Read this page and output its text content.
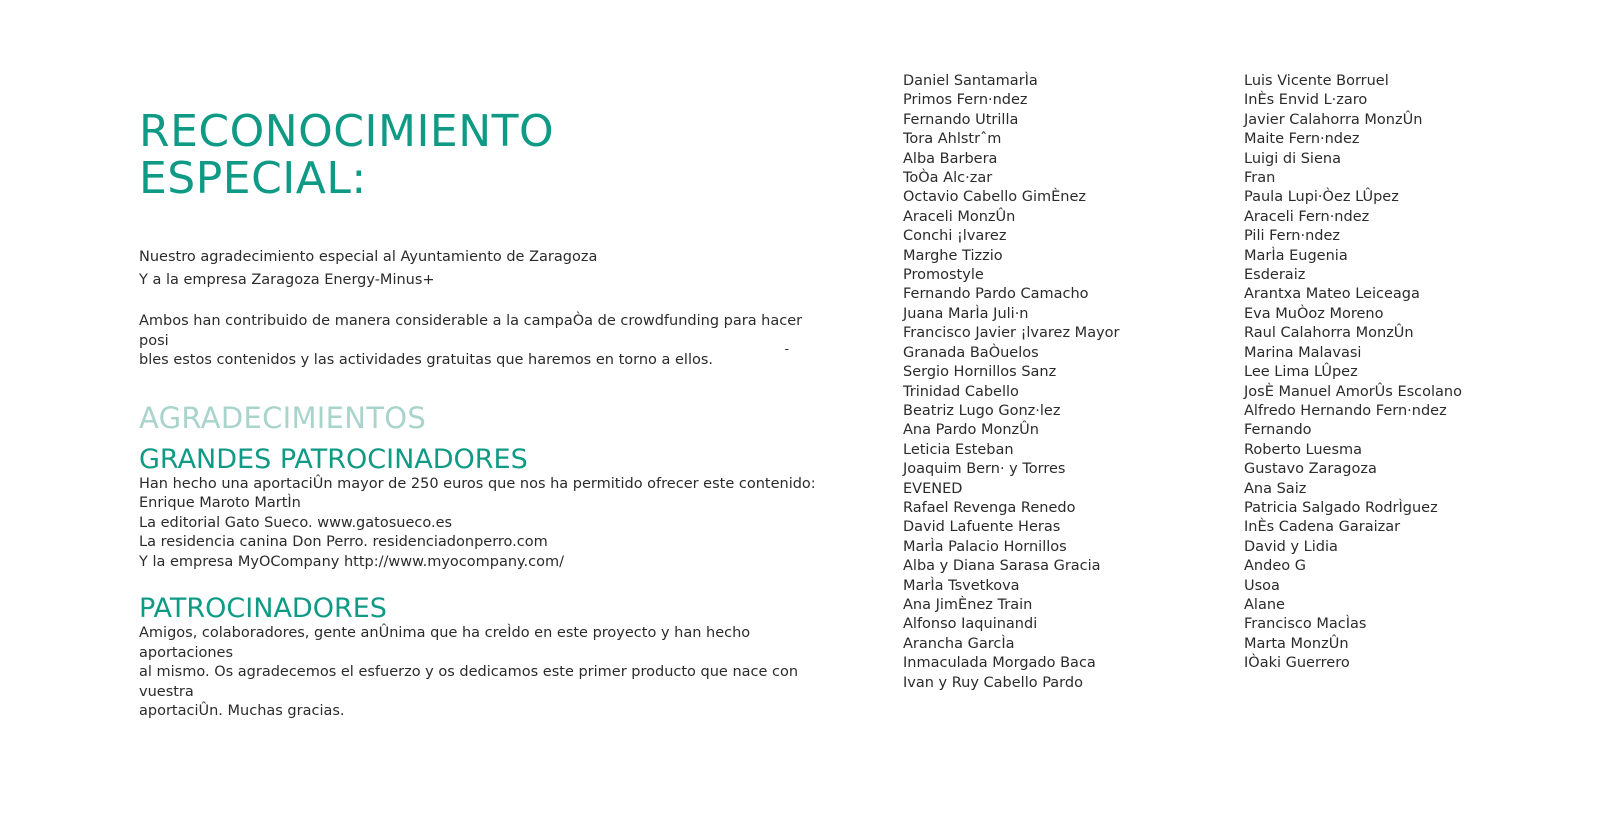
RECONOCIMIENTO
ESPECIAL:

Nuestro agradecimiento especial al Ayuntamiento de Zaragoza
Y a la empresa Zaragoza Energy-Minus+

Ambos han contribuido de manera considerable a la campaÒa de crowdfunding para hacer posi
bles estos contenidos y las actividades gratuitas que haremos en torno a ellos.
-

AGRADECIMIENTOS
GRANDES PATROCINADORES
Han hecho una aportaciÛn mayor de 250 euros que nos ha permitido ofrecer este contenido:
Enrique Maroto MartÌn
La editorial Gato Sueco. www.gatosueco.es
La residencia canina Don Perro. residenciadonperro.com
Y la empresa MyOCompany http://www.myocompany.com/
PATROCINADORES
Amigos, colaboradores, gente anÛnima que ha creÌdo en este proyecto y han hecho aportaciones
al mismo. Os agradecemos el esfuerzo y os dedicamos este primer producto que nace con vuestra
aportaciÛn. Muchas gracias.
Daniel SantamarÌa
Primos Fern·ndez
Fernando Utrilla
Tora Ahlstrˆm
Alba Barbera
ToÒa Alc·zar
Octavio Cabello GimÈnez
Araceli MonzÛn
Conchi ¡lvarez
Marghe Tizzio
Promostyle
Fernando Pardo Camacho
Juana MarÌa Juli·n
Francisco Javier ¡lvarez Mayor
Granada BaÒuelos
Sergio Hornillos Sanz
Trinidad Cabello
Beatriz Lugo Gonz·lez
Ana Pardo MonzÛn
Leticia Esteban
Joaquim Bern· y Torres
EVENED
Rafael Revenga Renedo
David Lafuente Heras
MarÌa Palacio Hornillos
Alba y Diana Sarasa Gracia
MarÌa Tsvetkova
Ana JimÈnez Train
Alfonso Iaquinandi
Arancha GarcÌa
Inmaculada Morgado Baca
Ivan y Ruy Cabello Pardo
Luis Vicente Borruel
InÈs Envid L·zaro
Javier Calahorra MonzÛn
Maite Fern·ndez
Luigi di Siena
Fran
Paula Lupi·Òez LÛpez
Araceli Fern·ndez
Pili Fern·ndez
MarÌa Eugenia
Esderaiz
Arantxa Mateo Leiceaga
Eva MuÒoz Moreno
Raul Calahorra MonzÛn
Marina Malavasi
Lee Lima LÛpez
JosÈ Manuel AmorÛs Escolano
Alfredo Hernando Fern·ndez
Fernando
Roberto Luesma
Gustavo Zaragoza
Ana Saiz
Patricia Salgado RodrÌguez
InÈs Cadena Garaizar
David y Lidia
Andeo G
Usoa
Alane
Francisco MacÌas
Marta MonzÛn
IÒaki Guerrero
